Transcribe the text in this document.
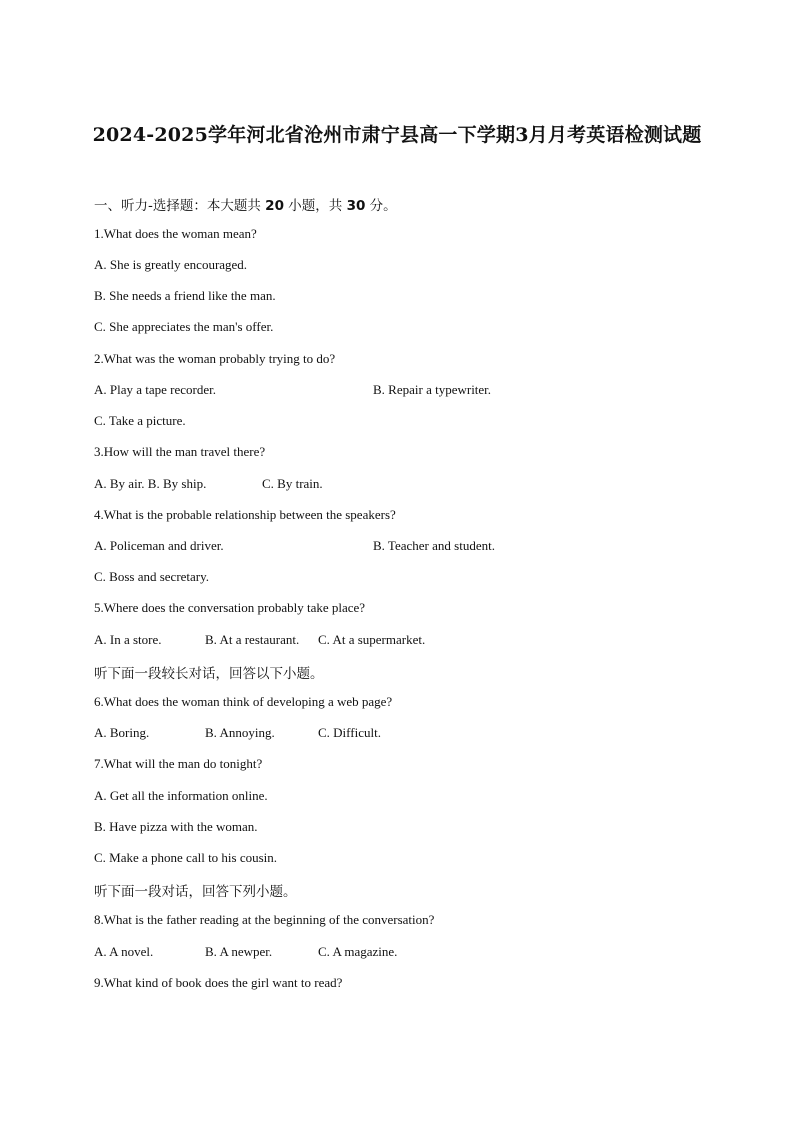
2024-2025学年河北省沧州市肃宁县高一下学期3月月考英语检测试题
一、听力-选择题：本大题共 20 小题，共 30 分。
1.What does the woman mean?
A. She is greatly encouraged.
B. She needs a friend like the man.
C. She appreciates the man's offer.
2.What was the woman probably trying to do?
A. Play a tape recorder.	B. Repair a typewriter.
C. Take a picture.
3.How will the man travel there?
A. By air. B. By ship.	C. By train.
4.What is the probable relationship between the speakers?
A. Policeman and driver.	B. Teacher and student.
C. Boss and secretary.
5.Where does the conversation probably take place?
A. In a store.	B. At a restaurant. C. At a supermarket.
听下面一段较长对话，回答以下小题。
6.What does the woman think of developing a web page?
A. Boring.	B. Annoying.	C. Difficult.
7.What will the man do tonight?
A. Get all the information online.
B. Have pizza with the woman.
C. Make a phone call to his cousin.
听下面一段对话，回答下列小题。
8.What is the father reading at the beginning of the conversation?
A. A novel.	B. A newper.	C. A magazine.
9.What kind of book does the girl want to read?
